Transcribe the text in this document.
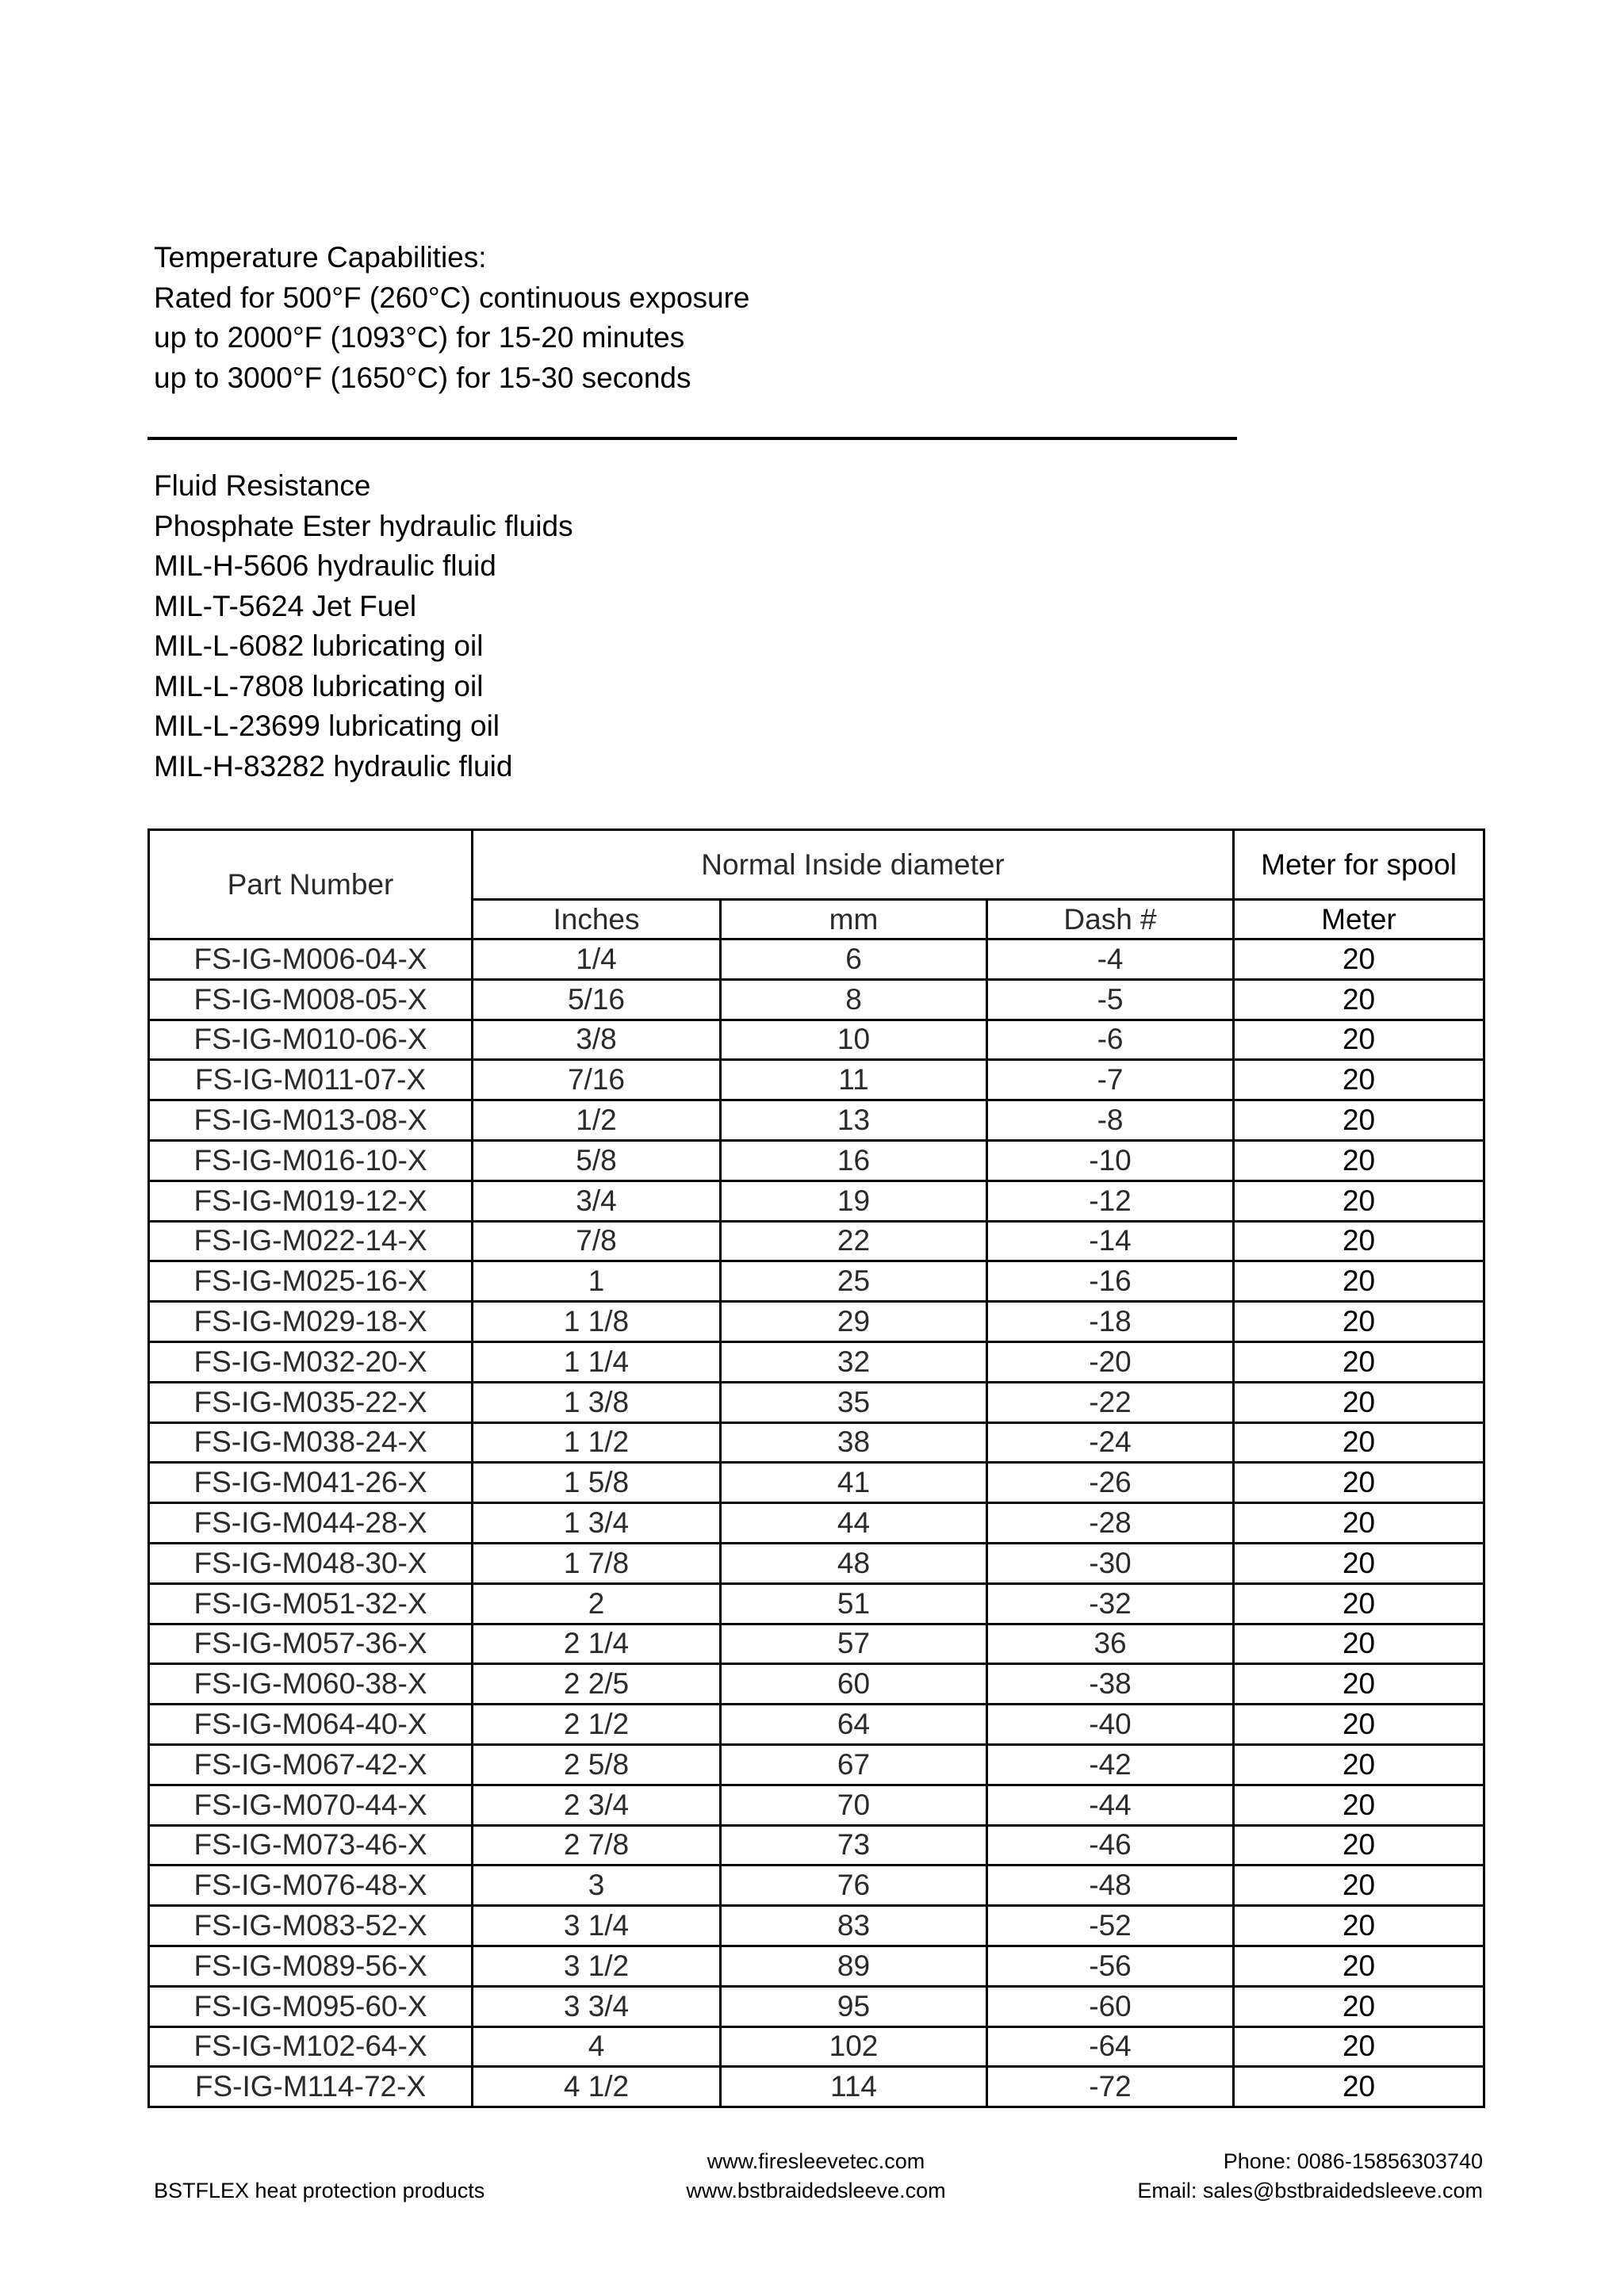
Temperature Capabilities:
Rated for 500°F (260°C) continuous exposure
up to 2000°F (1093°C) for 15-20 minutes
up to 3000°F (1650°C) for 15-30 seconds
Fluid Resistance
Phosphate Ester hydraulic fluids
MIL-H-5606 hydraulic fluid
MIL-T-5624 Jet Fuel
MIL-L-6082 lubricating oil
MIL-L-7808 lubricating oil
MIL-L-23699 lubricating oil
MIL-H-83282 hydraulic fluid
Part Number	Normal Inside diameter			Meter for spool
	Inches	mm	Dash #	Meter
FS-IG-M006-04-X	1/4	6	-4	20
FS-IG-M008-05-X	5/16	8	-5	20
FS-IG-M010-06-X	3/8	10	-6	20
FS-IG-M011-07-X	7/16	11	-7	20
FS-IG-M013-08-X	1/2	13	-8	20
FS-IG-M016-10-X	5/8	16	-10	20
FS-IG-M019-12-X	3/4	19	-12	20
FS-IG-M022-14-X	7/8	22	-14	20
FS-IG-M025-16-X	1	25	-16	20
FS-IG-M029-18-X	1 1/8	29	-18	20
FS-IG-M032-20-X	1 1/4	32	-20	20
FS-IG-M035-22-X	1 3/8	35	-22	20
FS-IG-M038-24-X	1 1/2	38	-24	20
FS-IG-M041-26-X	1 5/8	41	-26	20
FS-IG-M044-28-X	1 3/4	44	-28	20
FS-IG-M048-30-X	1 7/8	48	-30	20
FS-IG-M051-32-X	2	51	-32	20
FS-IG-M057-36-X	2 1/4	57	36	20
FS-IG-M060-38-X	2 2/5	60	-38	20
FS-IG-M064-40-X	2 1/2	64	-40	20
FS-IG-M067-42-X	2 5/8	67	-42	20
FS-IG-M070-44-X	2 3/4	70	-44	20
FS-IG-M073-46-X	2 7/8	73	-46	20
FS-IG-M076-48-X	3	76	-48	20
FS-IG-M083-52-X	3 1/4	83	-52	20
FS-IG-M089-56-X	3 1/2	89	-56	20
FS-IG-M095-60-X	3 3/4	95	-60	20
FS-IG-M102-64-X	4	102	-64	20
FS-IG-M114-72-X	4 1/2	114	-72	20
BSTFLEX heat protection products
www.firesleevetec.com
www.bstbraidedsleeve.com
Phone: 0086-15856303740
Email: sales@bstbraidedsleeve.com
